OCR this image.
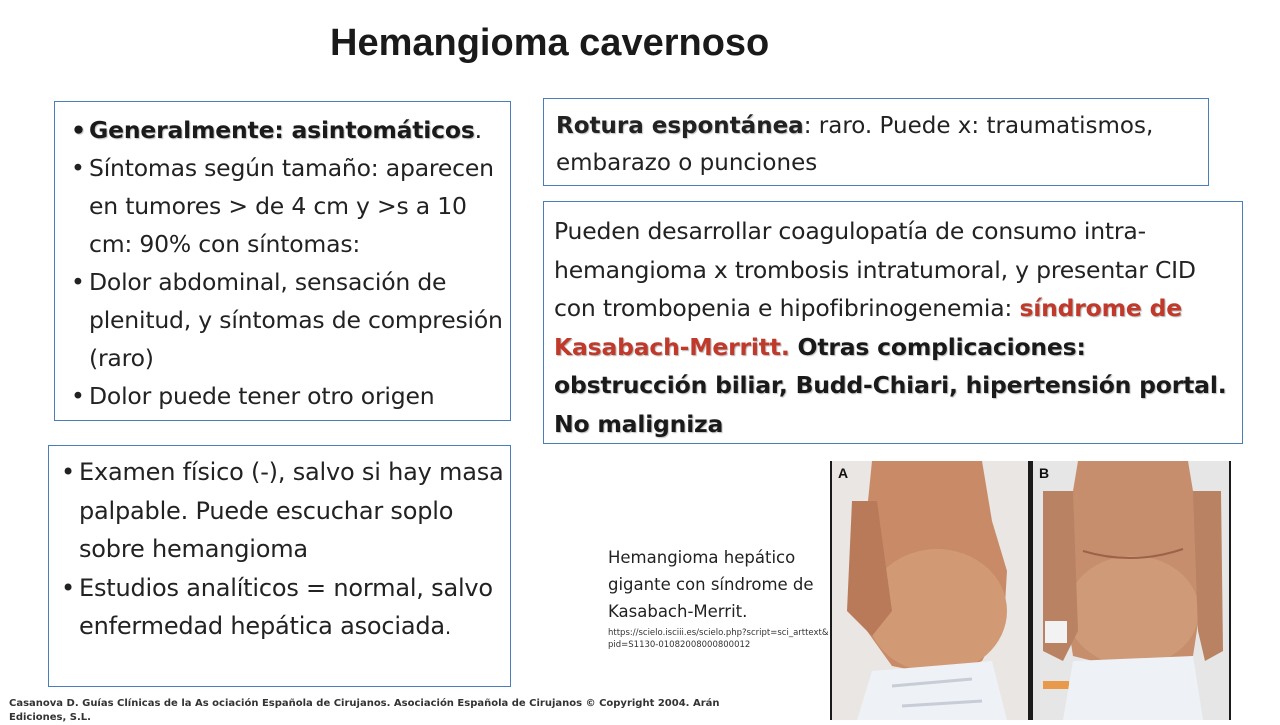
Hemangioma cavernoso
• Generalmente: asintomáticos.
• Síntomas según tamaño: aparecen en tumores > de 4 cm y >s a 10 cm: 90% con síntomas:
• Dolor abdominal, sensación de plenitud, y síntomas de compresión (raro)
• Dolor puede tener otro origen
• Examen físico (-), salvo si hay masa palpable. Puede escuchar soplo sobre hemangioma
• Estudios analíticos = normal, salvo enfermedad hepática asociada.
Rotura espontánea: raro. Puede x: traumatismos, embarazo o punciones
Pueden desarrollar coagulopatía de consumo intra-hemangioma x trombosis intratumoral, y presentar CID con trombopenia e hipofibrinogenemia: síndrome de Kasabach-Merritt. Otras complicaciones: obstrucción biliar, Budd-Chiari, hipertensión portal. No maligniza
Hemangioma hepático gigante con síndrome de Kasabach-Merrit.
https://scielo.isciii.es/scielo.php?script=sci_arttext&pid=S1130-01082008000800012
A	B
Casanova D. Guías Clínicas de la As ociación Española de Cirujanos. Asociación Española de Cirujanos © Copyright 2004. Arán Ediciones, S.L.
